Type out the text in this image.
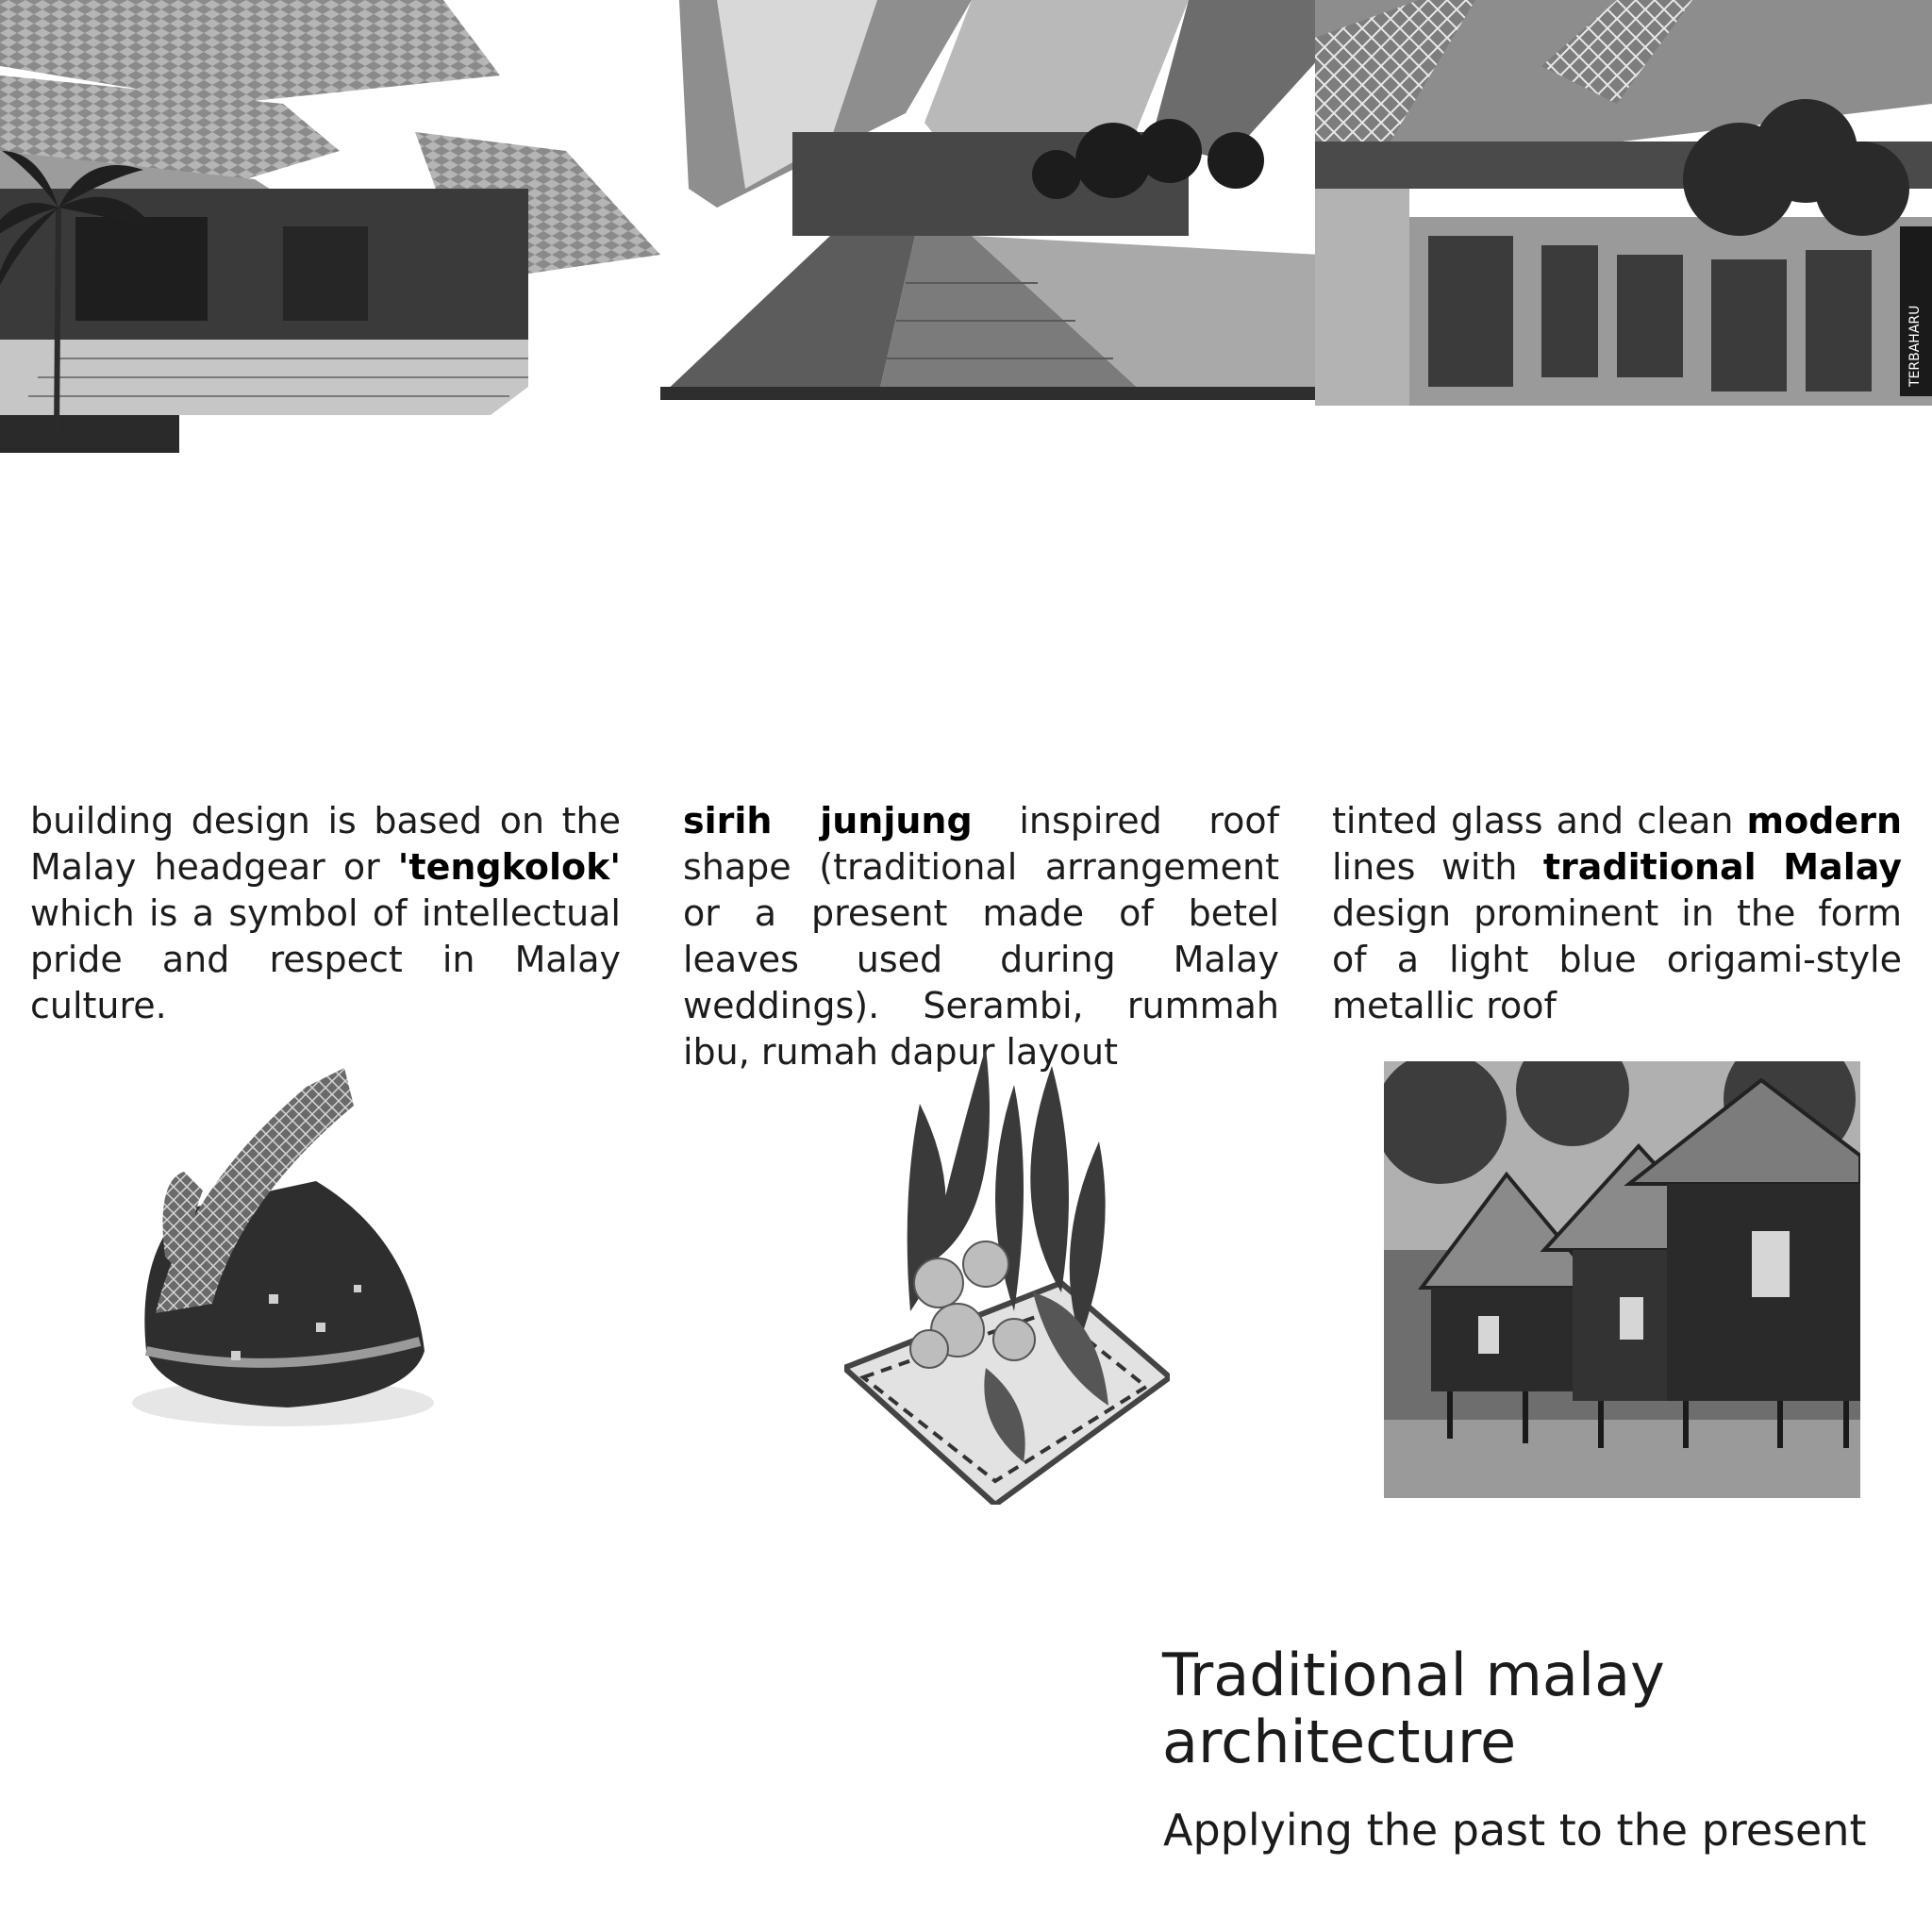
TERBAHARU

building design is based on the Malay headgear or 'tengkolok' which is a symbol of intellectual pride and respect in Malay culture.

sirih junjung inspired roof shape (traditional arrangement or a present made of betel leaves used during Malay weddings). Serambi, rummah ibu, rumah dapur layout

tinted glass and clean modern lines with traditional Malay design prominent in the form of a light blue origami-style metallic roof

Traditional malay architecture

Applying the past to the present
